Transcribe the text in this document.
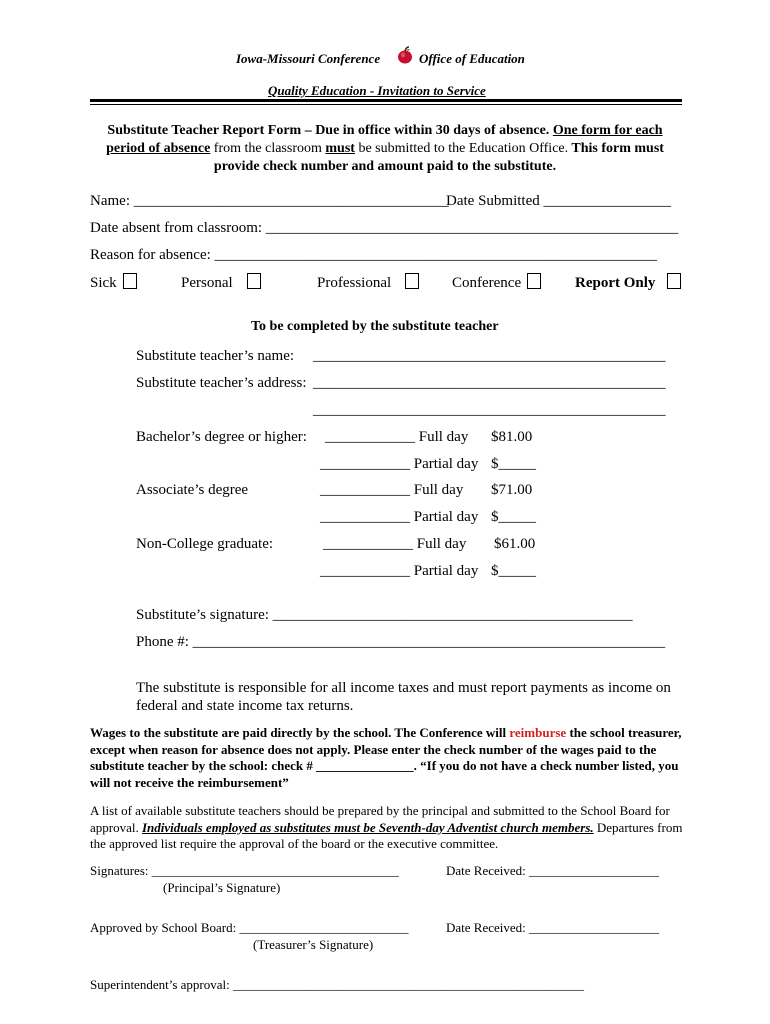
Iowa-Missouri Conference	Office of Education
Quality Education - Invitation to Service
Substitute Teacher Report Form – Due in office within 30 days of absence. One form for each period of absence from the classroom must be submitted to the Education Office. This form must provide check number and amount paid to the substitute.
Name: __________________________________________
Date Submitted _________________
Date absent from classroom: _______________________________________________________
Reason for absence: ___________________________________________________________
Sick	Personal	Professional	Conference	Report Only
To be completed by the substitute teacher
Substitute teacher’s name: _______________________________________________
Substitute teacher’s address: _______________________________________________
_______________________________________________
Bachelor’s degree or higher: ____________ Full day $81.00
____________ Partial day $_____
Associate’s degree	____________ Full day $71.00
____________ Partial day $_____
Non-College graduate:	____________ Full day $61.00
____________ Partial day $_____
Substitute’s signature: ________________________________________________
Phone #: _______________________________________________________________
The substitute is responsible for all income taxes and must report payments as income on federal and state income tax returns.
Wages to the substitute are paid directly by the school. The Conference will reimburse the school treasurer, except when reason for absence does not apply. Please enter the check number of the wages paid to the substitute teacher by the school: check # _______________. “If you do not have a check number listed, you will not receive the reimbursement”
A list of available substitute teachers should be prepared by the principal and submitted to the School Board for approval. Individuals employed as substitutes must be Seventh-day Adventist church members. Departures from the approved list require the approval of the board or the executive committee.
Signatures: ______________________________________	Date Received: ____________________
(Principal’s Signature)
Approved by School Board: __________________________	Date Received: ____________________
(Treasurer’s Signature)
Superintendent’s approval: ______________________________________________________
